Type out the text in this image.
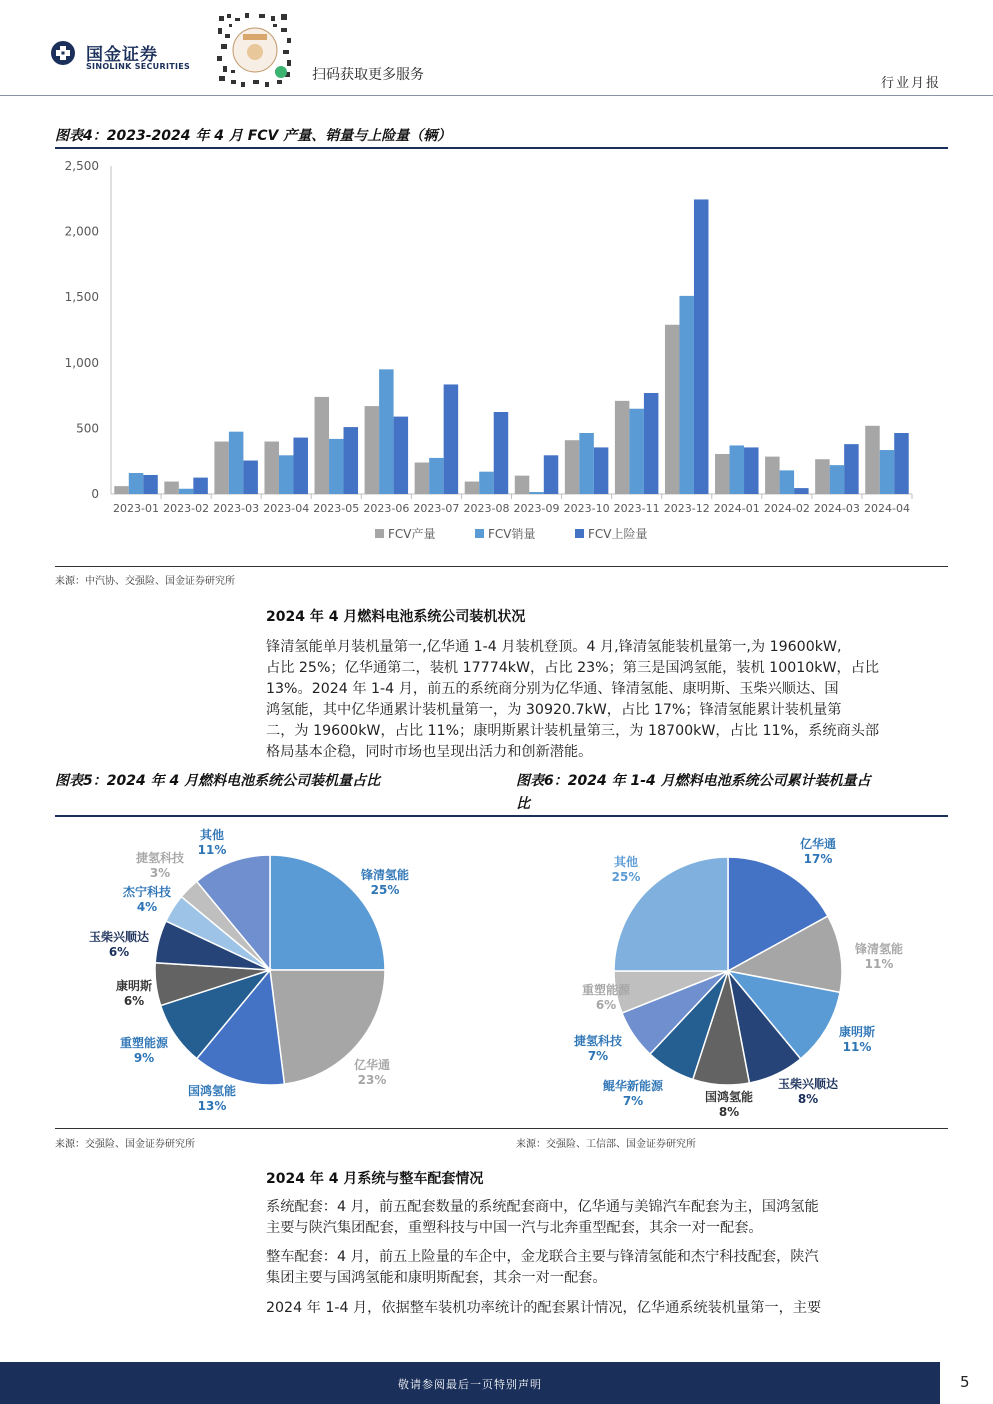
国金证券
SINOLINK SECURITIES
扫码获取更多服务
行业月报
图表4：2023-2024 年 4 月 FCV 产量、销量与上险量（辆）
0
500
1,000
1,500
2,000
2,500
2023-01 2023-02 2023-03 2023-04 2023-05 2023-06 2023-07 2023-08 2023-09 2023-10 2023-11 2023-12 2024-01 2024-02 2024-03 2024-04
FCV产量	FCV销量	FCV上险量
来源：中汽协、交强险、国金证券研究所
2024 年 4 月燃料电池系统公司装机状况
锋清氢能单月装机量第一,亿华通 1-4 月装机登顶。4 月,锋清氢能装机量第一,为 19600kW,
占比 25%；亿华通第二，装机 17774kW，占比 23%；第三是国鸿氢能，装机 10010kW，占比
13%。2024 年 1-4 月，前五的系统商分别为亿华通、锋清氢能、康明斯、玉柴兴顺达、国
鸿氢能，其中亿华通累计装机量第一，为 30920.7kW，占比 17%；锋清氢能累计装机量第
二，为 19600kW，占比 11%；康明斯累计装机量第三，为 18700kW，占比 11%，系统商头部
格局基本企稳，同时市场也呈现出活力和创新潜能。
图表5：2024 年 4 月燃料电池系统公司装机量占比	图表6：2024 年 1-4 月燃料电池系统公司累计装机量占
比
锋清氢能
25%
亿华通
23%
国鸿氢能
13%
重塑能源
9%
康明斯
6%
玉柴兴顺达
6%
杰宁科技
4%
捷氢科技
3%
其他
11%	亿华通
17%
锋清氢能
11%
康明斯
11%
玉柴兴顺达
8%
国鸿氢能
8%
鲲华新能源
7%
捷氢科技
7%
重塑能源
6%
其他
25%
来源：交强险、国金证券研究所	来源：交强险、工信部、国金证券研究所
2024 年 4 月系统与整车配套情况
系统配套：4 月，前五配套数量的系统配套商中，亿华通与美锦汽车配套为主，国鸿氢能
主要与陕汽集团配套，重塑科技与中国一汽与北奔重型配套，其余一对一配套。
整车配套：4 月，前五上险量的车企中，金龙联合主要与锋清氢能和杰宁科技配套，陕汽
集团主要与国鸿氢能和康明斯配套，其余一对一配套。
2024 年 1-4 月，依据整车装机功率统计的配套累计情况，亿华通系统装机量第一，主要
敬请参阅最后一页特别声明	5
